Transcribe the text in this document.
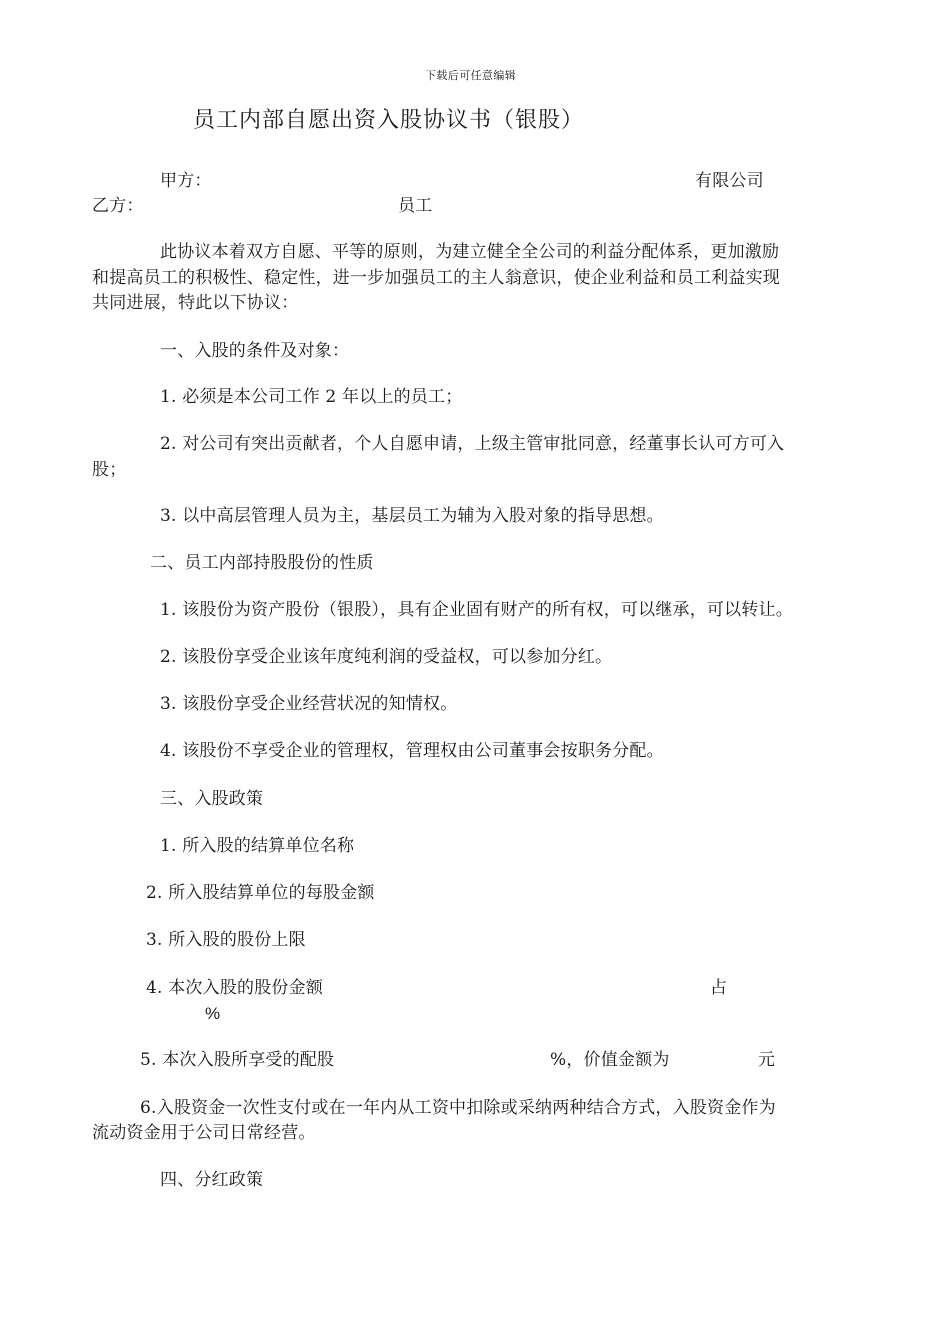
下载后可任意编辑
员工内部自愿出资入股协议书（银股）
甲方：	有限公司
乙方：	员工
此协议本着双方自愿、平等的原则，为建立健全全公司的利益分配体系，更加激励
和提高员工的积极性、稳定性，进一步加强员工的主人翁意识，使企业利益和员工利益实现
共同进展，特此以下协议：
一、入股的条件及对象：
1. 必须是本公司工作 2 年以上的员工；
2. 对公司有突出贡献者，个人自愿申请，上级主管审批同意，经董事长认可方可入
股；
3. 以中高层管理人员为主，基层员工为辅为入股对象的指导思想。
二、员工内部持股股份的性质
1. 该股份为资产股份（银股），具有企业固有财产的所有权，可以继承，可以转让。
2. 该股份享受企业该年度纯利润的受益权，可以参加分红。
3. 该股份享受企业经营状况的知情权。
4. 该股份不享受企业的管理权，管理权由公司董事会按职务分配。
三、入股政策
1. 所入股的结算单位名称
2. 所入股结算单位的每股金额
3. 所入股的股份上限
4. 本次入股的股份金额	占
%
5. 本次入股所享受的配股	%，价值金额为	元
6.入股资金一次性支付或在一年内从工资中扣除或采纳两种结合方式，入股资金作为
流动资金用于公司日常经营。
四、分红政策
